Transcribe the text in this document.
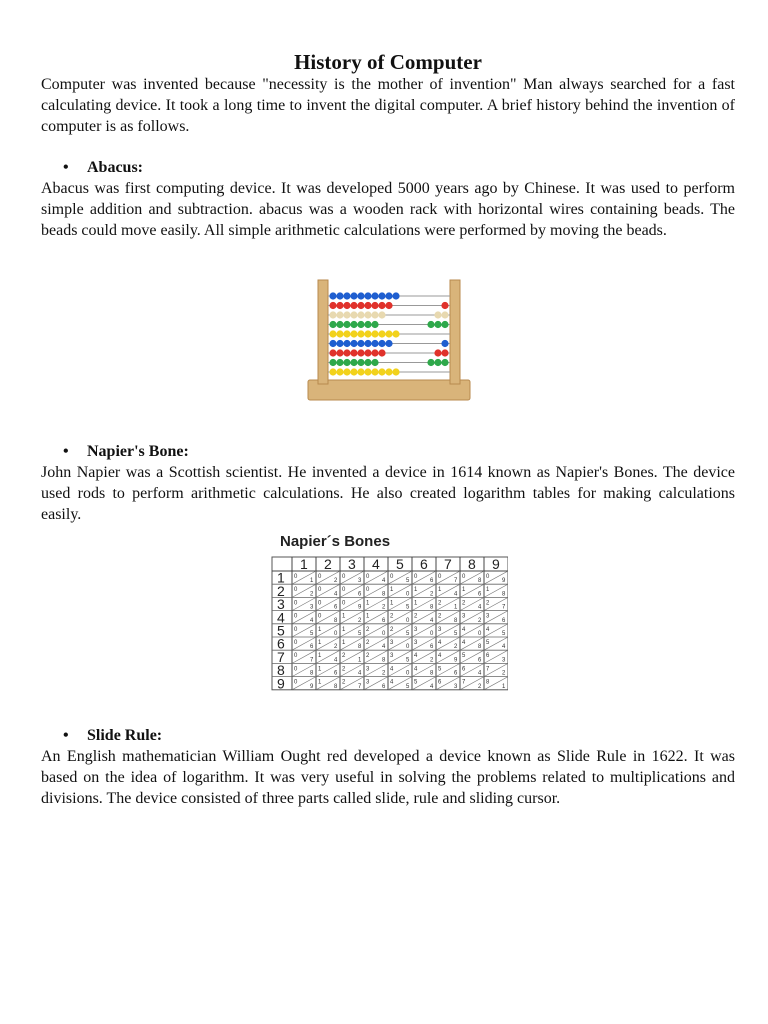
History of Computer

Computer was invented because "necessity is the mother of invention" Man always searched for a fast calculating device. It took a long time to invent the digital computer. A brief history behind the invention of computer is as follows.

• Abacus:

Abacus was first computing device. It was developed 5000 years ago by Chinese. It was used to perform simple addition and subtraction. abacus was a wooden rack with horizontal wires containing beads. The beads could move easily. All simple arithmetic calculations were performed by moving the beads.

• Napier's Bone:

John Napier was a Scottish scientist. He invented a device in 1614 known as Napier's Bones. The device used rods to perform arithmetic calculations. He also created logarithm tables for making calculations easily.

• Slide Rule:

An English mathematician William Ought red developed a device known as Slide Rule in 1622. It was based on the idea of logarithm. It was very useful in solving the problems related to multiplications and divisions. The device consisted of three parts called slide, rule and sliding cursor.

Napier´s Bones
1 2 3 4 5 6 7 8 9
1 0
1
0
2
0
3
0
4
0
5
0
6
0
7
0
8
0
9
2 0
2
0
4
0
6
0
8
1
0
1
2
1
4
1
6
1
8
3 0
3
0
6
0
9
1
2
1
5
1
8
2
1
2
4
2
7
4 0
4
0
8
1
2
1
6
2
0
2
4
2
8
3
2
3
6
5 0
5
1
0
1
5
2
0
2
5
3
0
3
5
4
0
4
5
6 0
6
1
2
1
8
2
4
3
0
3
6
4
2
4
8
5
4
7 0
7
1
4
2
1
2
8
3
5
4
2
4
9
5
6
6
3
8 0
8
1
6
2
4
3
2
4
0
4
8
5
6
6
4
7
2
9 0
9
1
8
2
7
3
6
4
5
5
4
6
3
7
2
8
1
